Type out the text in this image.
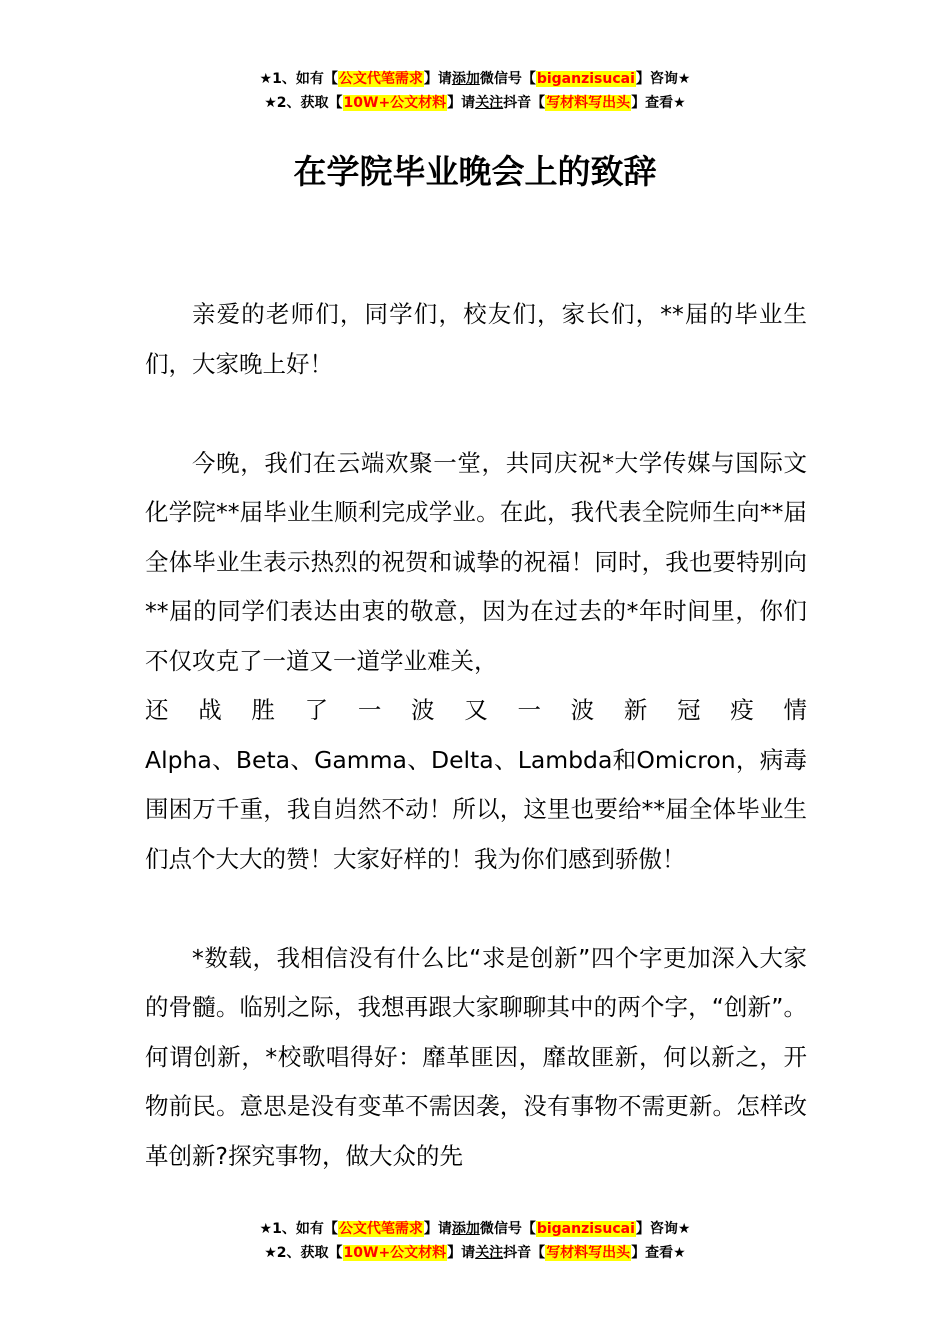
★1、如有【公文代笔需求】请添加微信号【biganzisucai】咨询★
★2、获取【10W+公文材料】请关注抖音【写材料写出头】查看★
在学院毕业晚会上的致辞

亲爱的老师们，同学们，校友们，家长们，**届的毕业生们，大家晚上好！

今晚，我们在云端欢聚一堂，共同庆祝*大学传媒与国际文化学院**届毕业生顺利完成学业。在此，我代表全院师生向**届全体毕业生表示热烈的祝贺和诚挚的祝福！同时，我也要特别向**届的同学们表达由衷的敬意，因为在过去的*年时间里，你们不仅攻克了一道又一道学业难关，
还战胜了一波又一波新冠疫情
Alpha、Beta、Gamma、Delta、Lambda和Omicron，病毒围困万千重，我自岿然不动！所以，这里也要给**届全体毕业生们点个大大的赞！大家好样的！我为你们感到骄傲！

*数载，我相信没有什么比“求是创新”四个字更加深入大家的骨髓。临别之际，我想再跟大家聊聊其中的两个字，“创新”。何谓创新，*校歌唱得好：靡革匪因，靡故匪新，何以新之，开物前民。意思是没有变革不需因袭，没有事物不需更新。怎样改革创新?探究事物，做大众的先

★1、如有【公文代笔需求】请添加微信号【biganzisucai】咨询★
★2、获取【10W+公文材料】请关注抖音【写材料写出头】查看★
